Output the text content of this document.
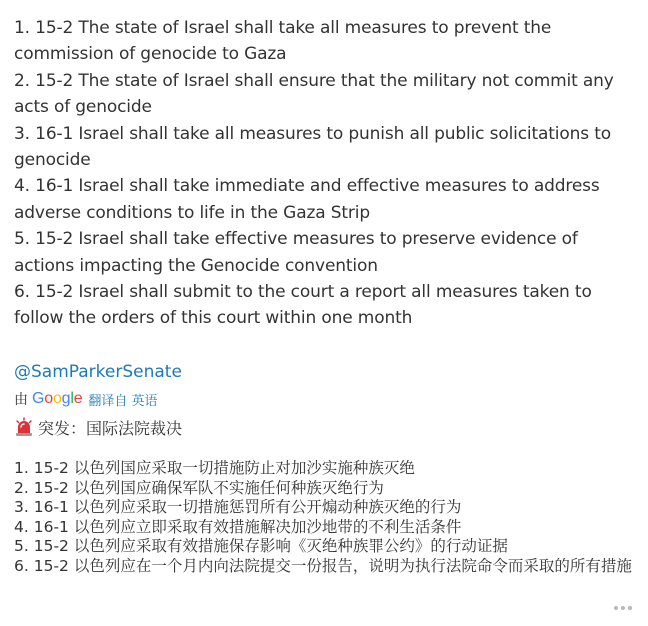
1. 15-2 The state of Israel shall take all measures to prevent the commission of genocide to Gaza

2. 15-2 The state of Israel shall ensure that the military not commit any acts of genocide

3. 16-1 Israel shall take all measures to punish all public solicitations to genocide

4. 16-1 Israel shall take immediate and effective measures to address adverse conditions to life in the Gaza Strip

5. 15-2 Israel shall take effective measures to preserve evidence of actions impacting the Genocide convention

6. 15-2 Israel shall submit to the court a report all measures taken to follow the orders of this court within one month

@SamParkerSenate
由 Google 翻译自 英语
突发：国际法院裁决

1. 15-2 以色列国应采取一切措施防止对加沙实施种族灭绝

2. 15-2 以色列国应确保军队不实施任何种族灭绝行为

3. 16-1 以色列应采取一切措施惩罚所有公开煽动种族灭绝的行为

4. 16-1 以色列应立即采取有效措施解决加沙地带的不利生活条件

5. 15-2 以色列应采取有效措施保存影响《灭绝种族罪公约》的行动证据

6. 15-2 以色列应在一个月内向法院提交一份报告，说明为执行法院命令而采取的所有措施
